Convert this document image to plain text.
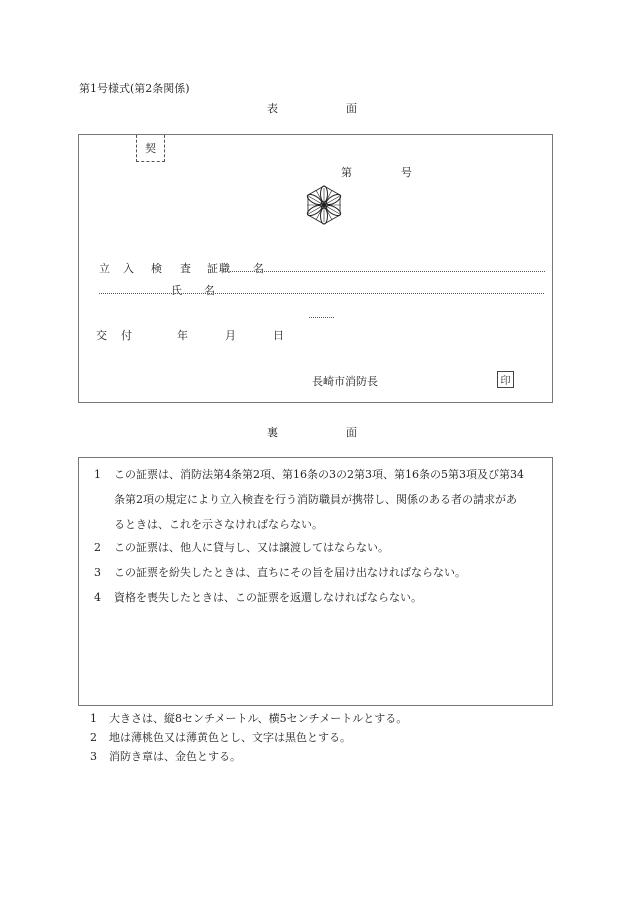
第1号様式(第2条関係)
表	面
契
第	号
立 入 検 査 証 職 名
氏 名
交 付	年	月	日
長崎市消防長	印
裏	面
1 この証票は、消防法第4条第2項、第16条の3の2第3項、第16条の5第3項及び第34
条第2項の規定により立入検査を行う消防職員が携帯し、関係のある者の請求があ
るときは、これを示さなければならない。
2 この証票は、他人に貸与し、又は譲渡してはならない。
3 この証票を紛失したときは、直ちにその旨を届け出なければならない。
4 資格を喪失したときは、この証票を返還しなければならない。
1 大きさは、縦8センチメートル、横5センチメートルとする。
2 地は薄桃色又は薄黄色とし、文字は黒色とする。
3 消防き章は、金色とする。
